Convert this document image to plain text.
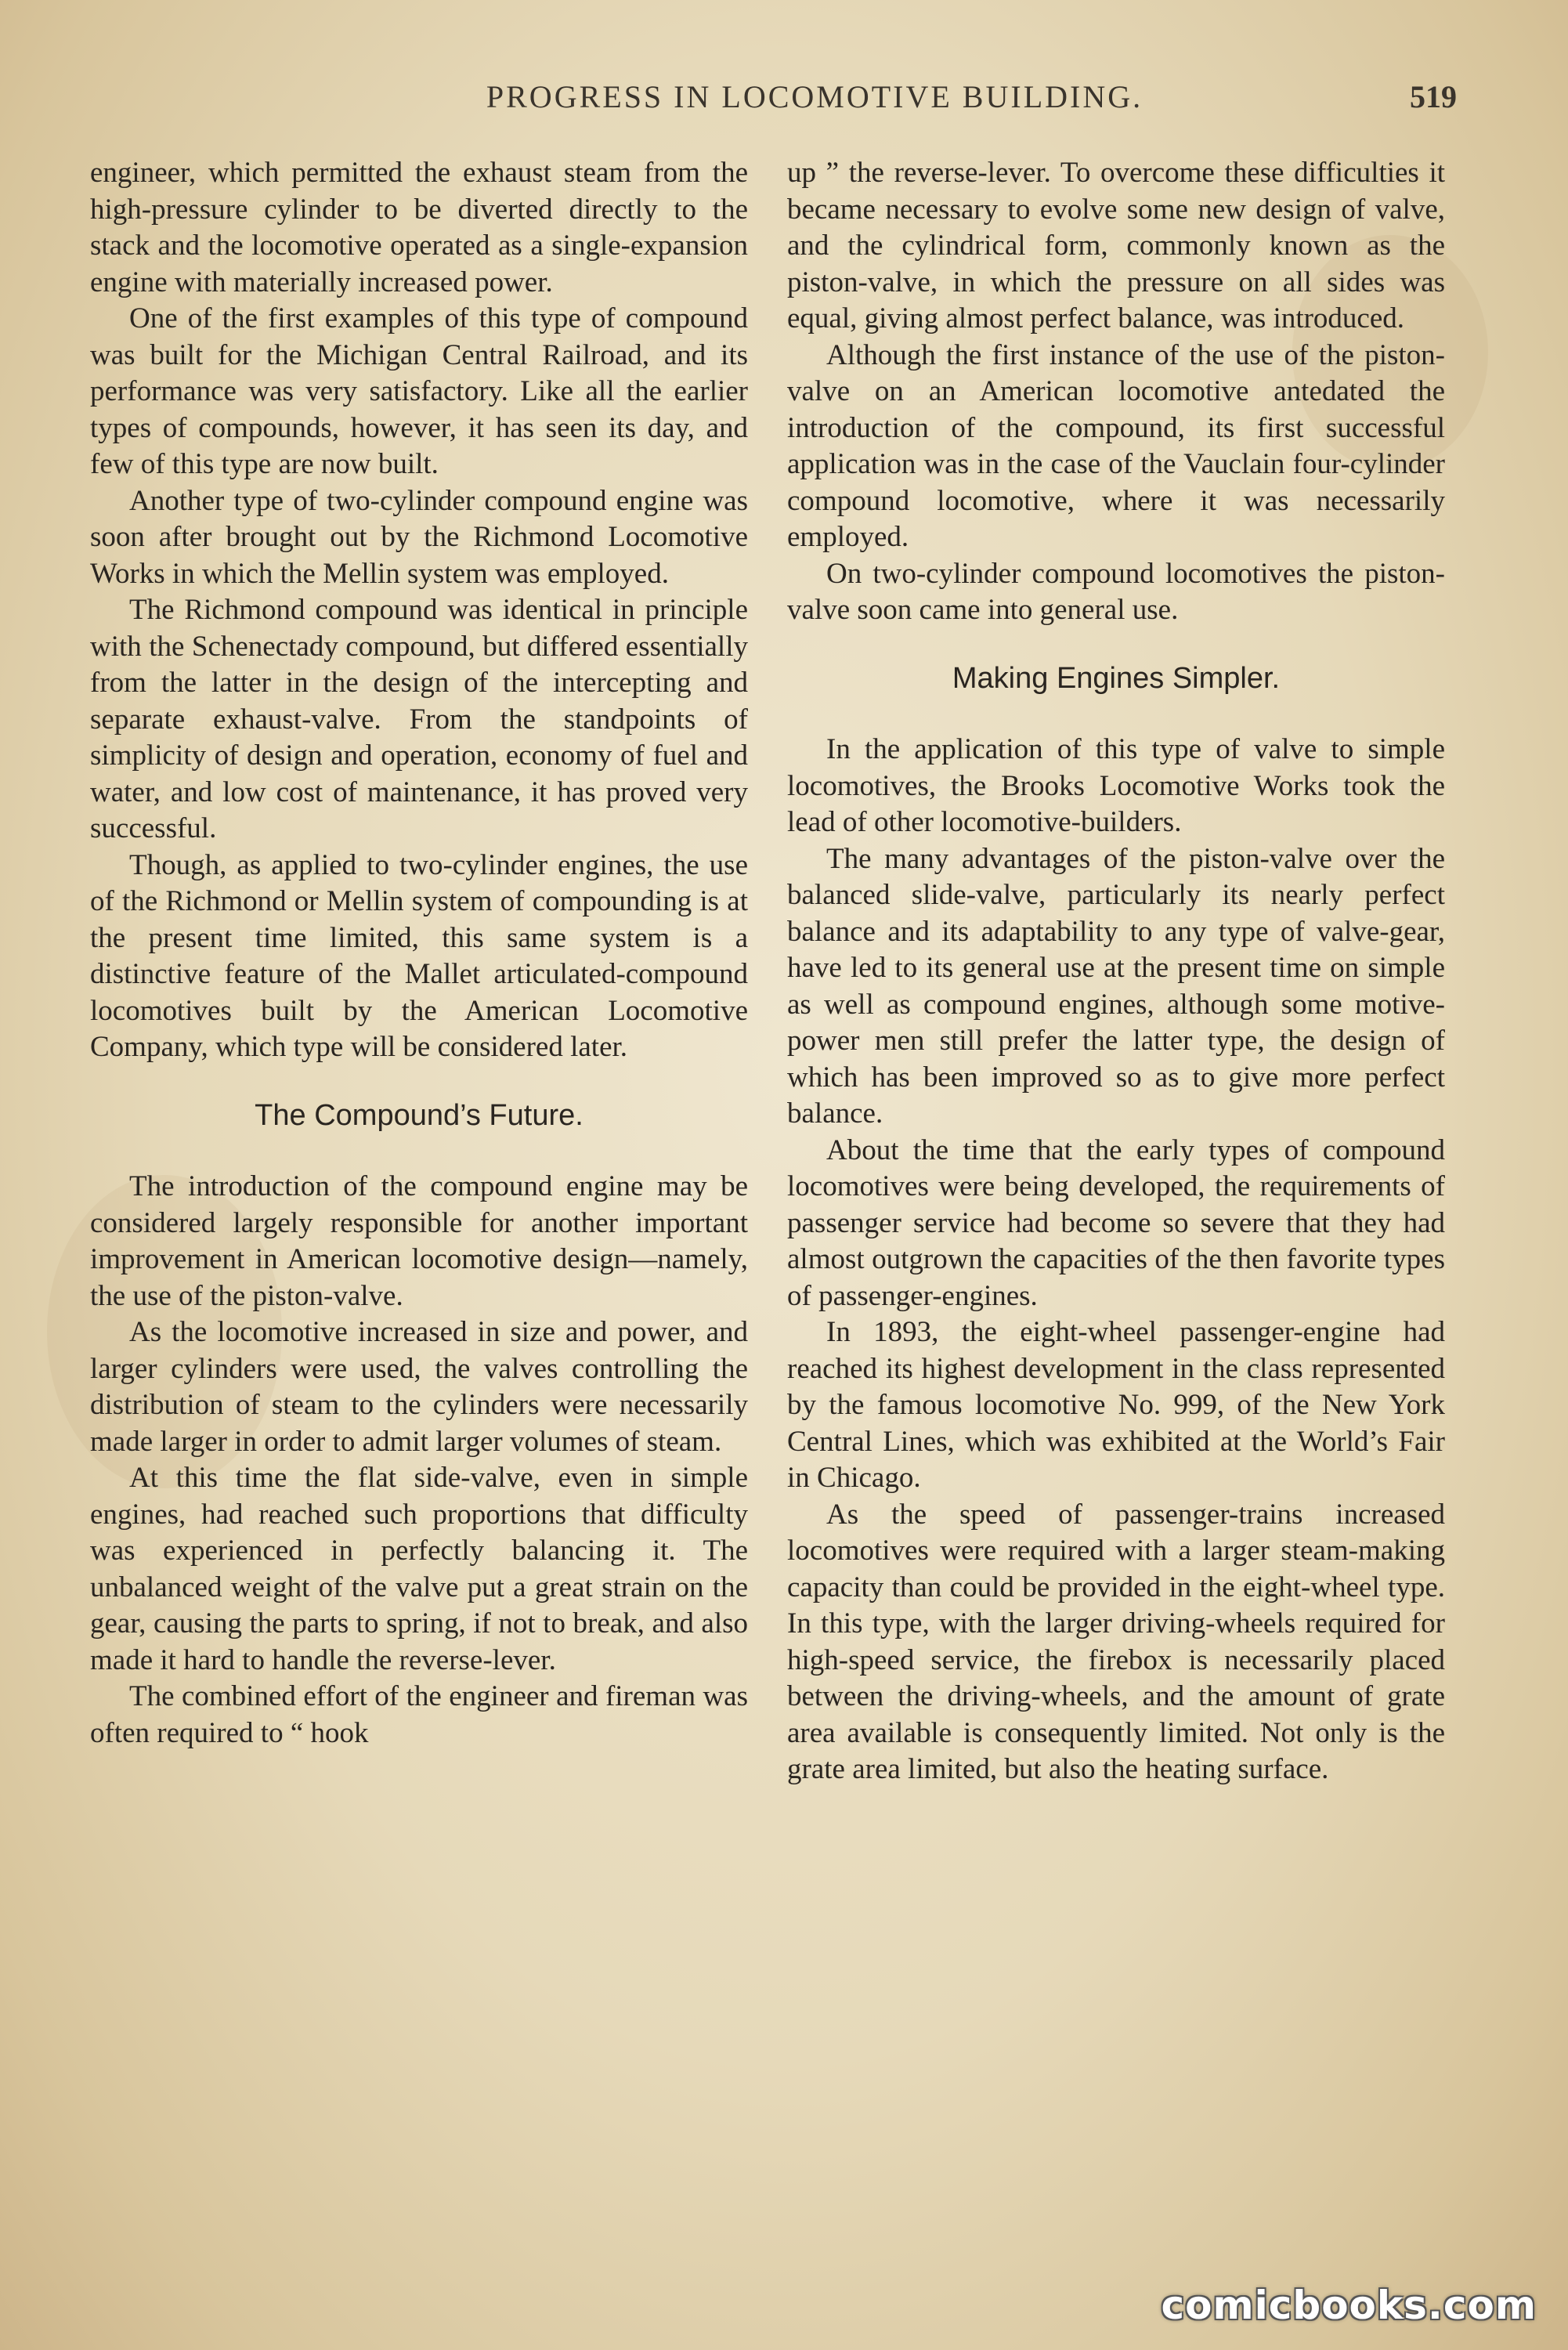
PROGRESS IN LOCOMOTIVE BUILDING.	519

engineer, which permitted the exhaust steam from the high-pressure cylinder to be diverted directly to the stack and the locomotive operated as a single-expansion engine with materially increased power.

One of the first examples of this type of compound was built for the Michigan Central Railroad, and its performance was very satisfactory. Like all the earlier types of compounds, however, it has seen its day, and few of this type are now built.

Another type of two-cylinder compound engine was soon after brought out by the Richmond Locomotive Works in which the Mellin system was employed.

The Richmond compound was identical in principle with the Schenectady compound, but differed essentially from the latter in the design of the intercepting and separate exhaust-valve. From the standpoints of simplicity of design and operation, economy of fuel and water, and low cost of maintenance, it has proved very successful.

Though, as applied to two-cylinder engines, the use of the Richmond or Mellin system of compounding is at the present time limited, this same system is a distinctive feature of the Mallet articulated-compound locomotives built by the American Locomotive Company, which type will be considered later.

The Compound’s Future.

The introduction of the compound engine may be considered largely responsible for another important improvement in American locomotive design—namely, the use of the piston-valve.

As the locomotive increased in size and power, and larger cylinders were used, the valves controlling the distribution of steam to the cylinders were necessarily made larger in order to admit larger volumes of steam.

At this time the flat side-valve, even in simple engines, had reached such proportions that difficulty was experienced in perfectly balancing it. The unbalanced weight of the valve put a great strain on the gear, causing the parts to spring, if not to break, and also made it hard to handle the reverse-lever.

The combined effort of the engineer and fireman was often required to “ hook

up ” the reverse-lever. To overcome these difficulties it became necessary to evolve some new design of valve, and the cylindrical form, commonly known as the piston-valve, in which the pressure on all sides was equal, giving almost perfect balance, was introduced.

Although the first instance of the use of the piston-valve on an American locomotive antedated the introduction of the compound, its first successful application was in the case of the Vauclain four-cylinder compound locomotive, where it was necessarily employed.

On two-cylinder compound locomotives the piston-valve soon came into general use.

Making Engines Simpler.

In the application of this type of valve to simple locomotives, the Brooks Locomotive Works took the lead of other locomotive-builders.

The many advantages of the piston-valve over the balanced slide-valve, particularly its nearly perfect balance and its adaptability to any type of valve-gear, have led to its general use at the present time on simple as well as compound engines, although some motive-power men still prefer the latter type, the design of which has been improved so as to give more perfect balance.

About the time that the early types of compound locomotives were being developed, the requirements of passenger service had become so severe that they had almost outgrown the capacities of the then favorite types of passenger-engines.

In 1893, the eight-wheel passenger-engine had reached its highest development in the class represented by the famous locomotive No. 999, of the New York Central Lines, which was exhibited at the World’s Fair in Chicago.

As the speed of passenger-trains increased locomotives were required with a larger steam-making capacity than could be provided in the eight-wheel type. In this type, with the larger driving-wheels required for high-speed service, the firebox is necessarily placed between the driving-wheels, and the amount of grate area available is consequently limited. Not only is the grate area limited, but also the heating surface.

comicbooks.com
